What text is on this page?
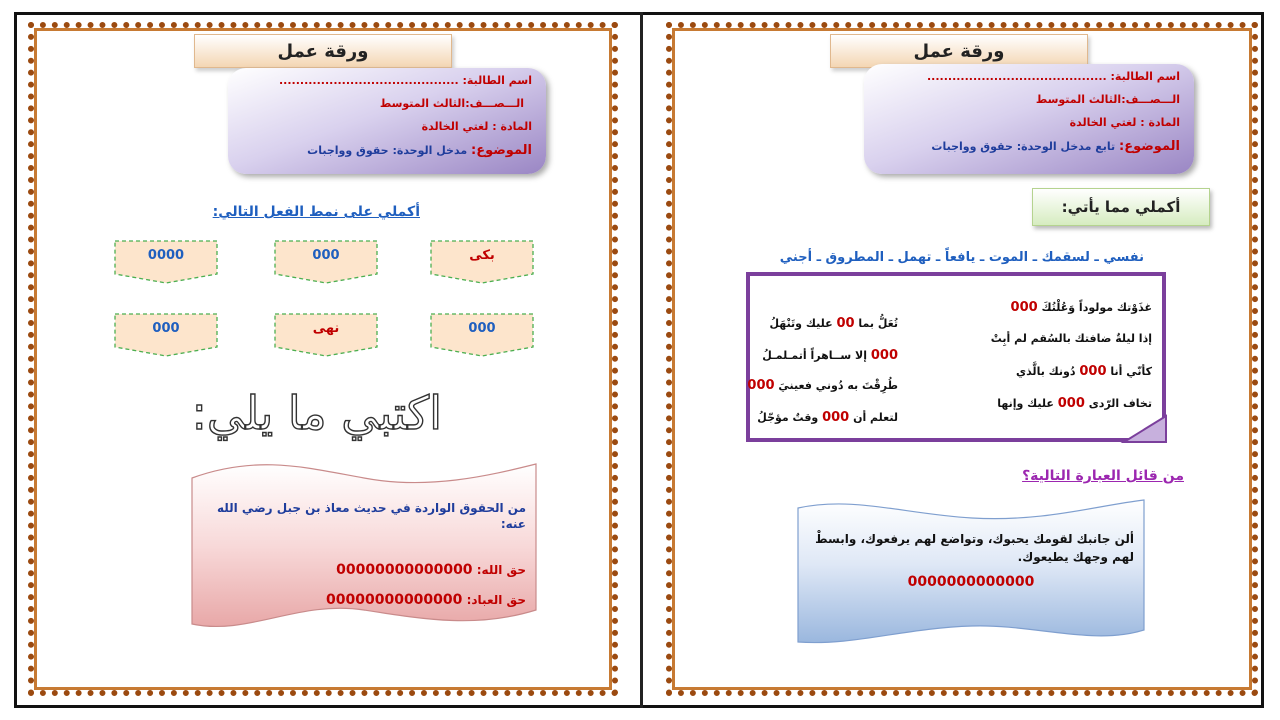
ورقة عمل
اسم الطالبة: ...........................................
الـــصـــف:الثالث المتوسط
المادة : لغتي الخالدة
الموضوع: مدخل الوحدة: حقوق وواجبات
أكملي على نمط الفعل التالي:
بكى
000
0000
000
نهى
000
اكتبي ما يلي:
من الحقوق الواردة في حديث معاذ بن جبل رضي الله عنه:
حق الله: 00000000000000
حق العباد: 00000000000000
ورقة عمل
اسم الطالبة: ...........................................
الـــصـــف:الثالث المتوسط
المادة : لغتي الخالدة
الموضوع: تابع مدخل الوحدة: حقوق وواجبات
أكملي مما يأتي:
نفسي ـ لسقمك ـ الموت ـ يافعاً ـ تهمل ـ المطروق ـ أجني
غذَوْتك مولوداً وَعُلْتُكَ 000
إذا ليلةٌ ضافتك بالسُقم لم أبِتْ
كأنّي أنا 000 دُونك بالَّذي
تخاف الرّدى 000 عليك وإنها
تُعَلُّ بما 00 عليك وتَنْهَلُ
000 إلا ســاهراً أتمـلمـلُ
طُرِقْتَ به دُوني فعينيَ 000
لتعلم أن 000 وقتٌ مؤجّلُ
من قائل العبارة التالية؟
ألن جانبك لقومك يحبوك، وتواضع لهم يرفعوك، وابسطْ
لهم وجهك يطيعوك.
0000000000000
